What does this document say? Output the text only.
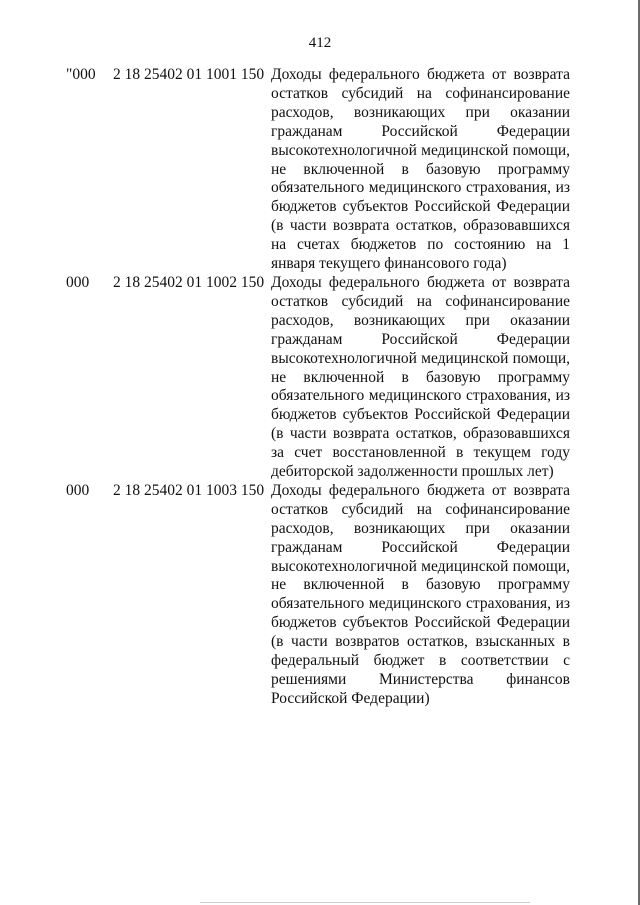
412
"000 2 18 25402 01 1001 150 Доходы федерального бюджета от возврата остатков субсидий на софинансирование расходов, возникающих при оказании гражданам Российской Федерации высокотехнологичной медицинской помощи, не включенной в базовую программу обязательного медицинского страхования, из бюджетов субъектов Российской Федерации (в части возврата остатков, образовавшихся на счетах бюджетов по состоянию на 1 января текущего финансового года)
000 2 18 25402 01 1002 150 Доходы федерального бюджета от возврата остатков субсидий на софинансирование расходов, возникающих при оказании гражданам Российской Федерации высокотехнологичной медицинской помощи, не включенной в базовую программу обязательного медицинского страхования, из бюджетов субъектов Российской Федерации (в части возврата остатков, образовавшихся за счет восстановленной в текущем году дебиторской задолженности прошлых лет)
000 2 18 25402 01 1003 150 Доходы федерального бюджета от возврата остатков субсидий на софинансирование расходов, возникающих при оказании гражданам Российской Федерации высокотехнологичной медицинской помощи, не включенной в базовую программу обязательного медицинского страхования, из бюджетов субъектов Российской Федерации (в части возвратов остатков, взысканных в федеральный бюджет в соответствии с решениями Министерства финансов Российской Федерации)
